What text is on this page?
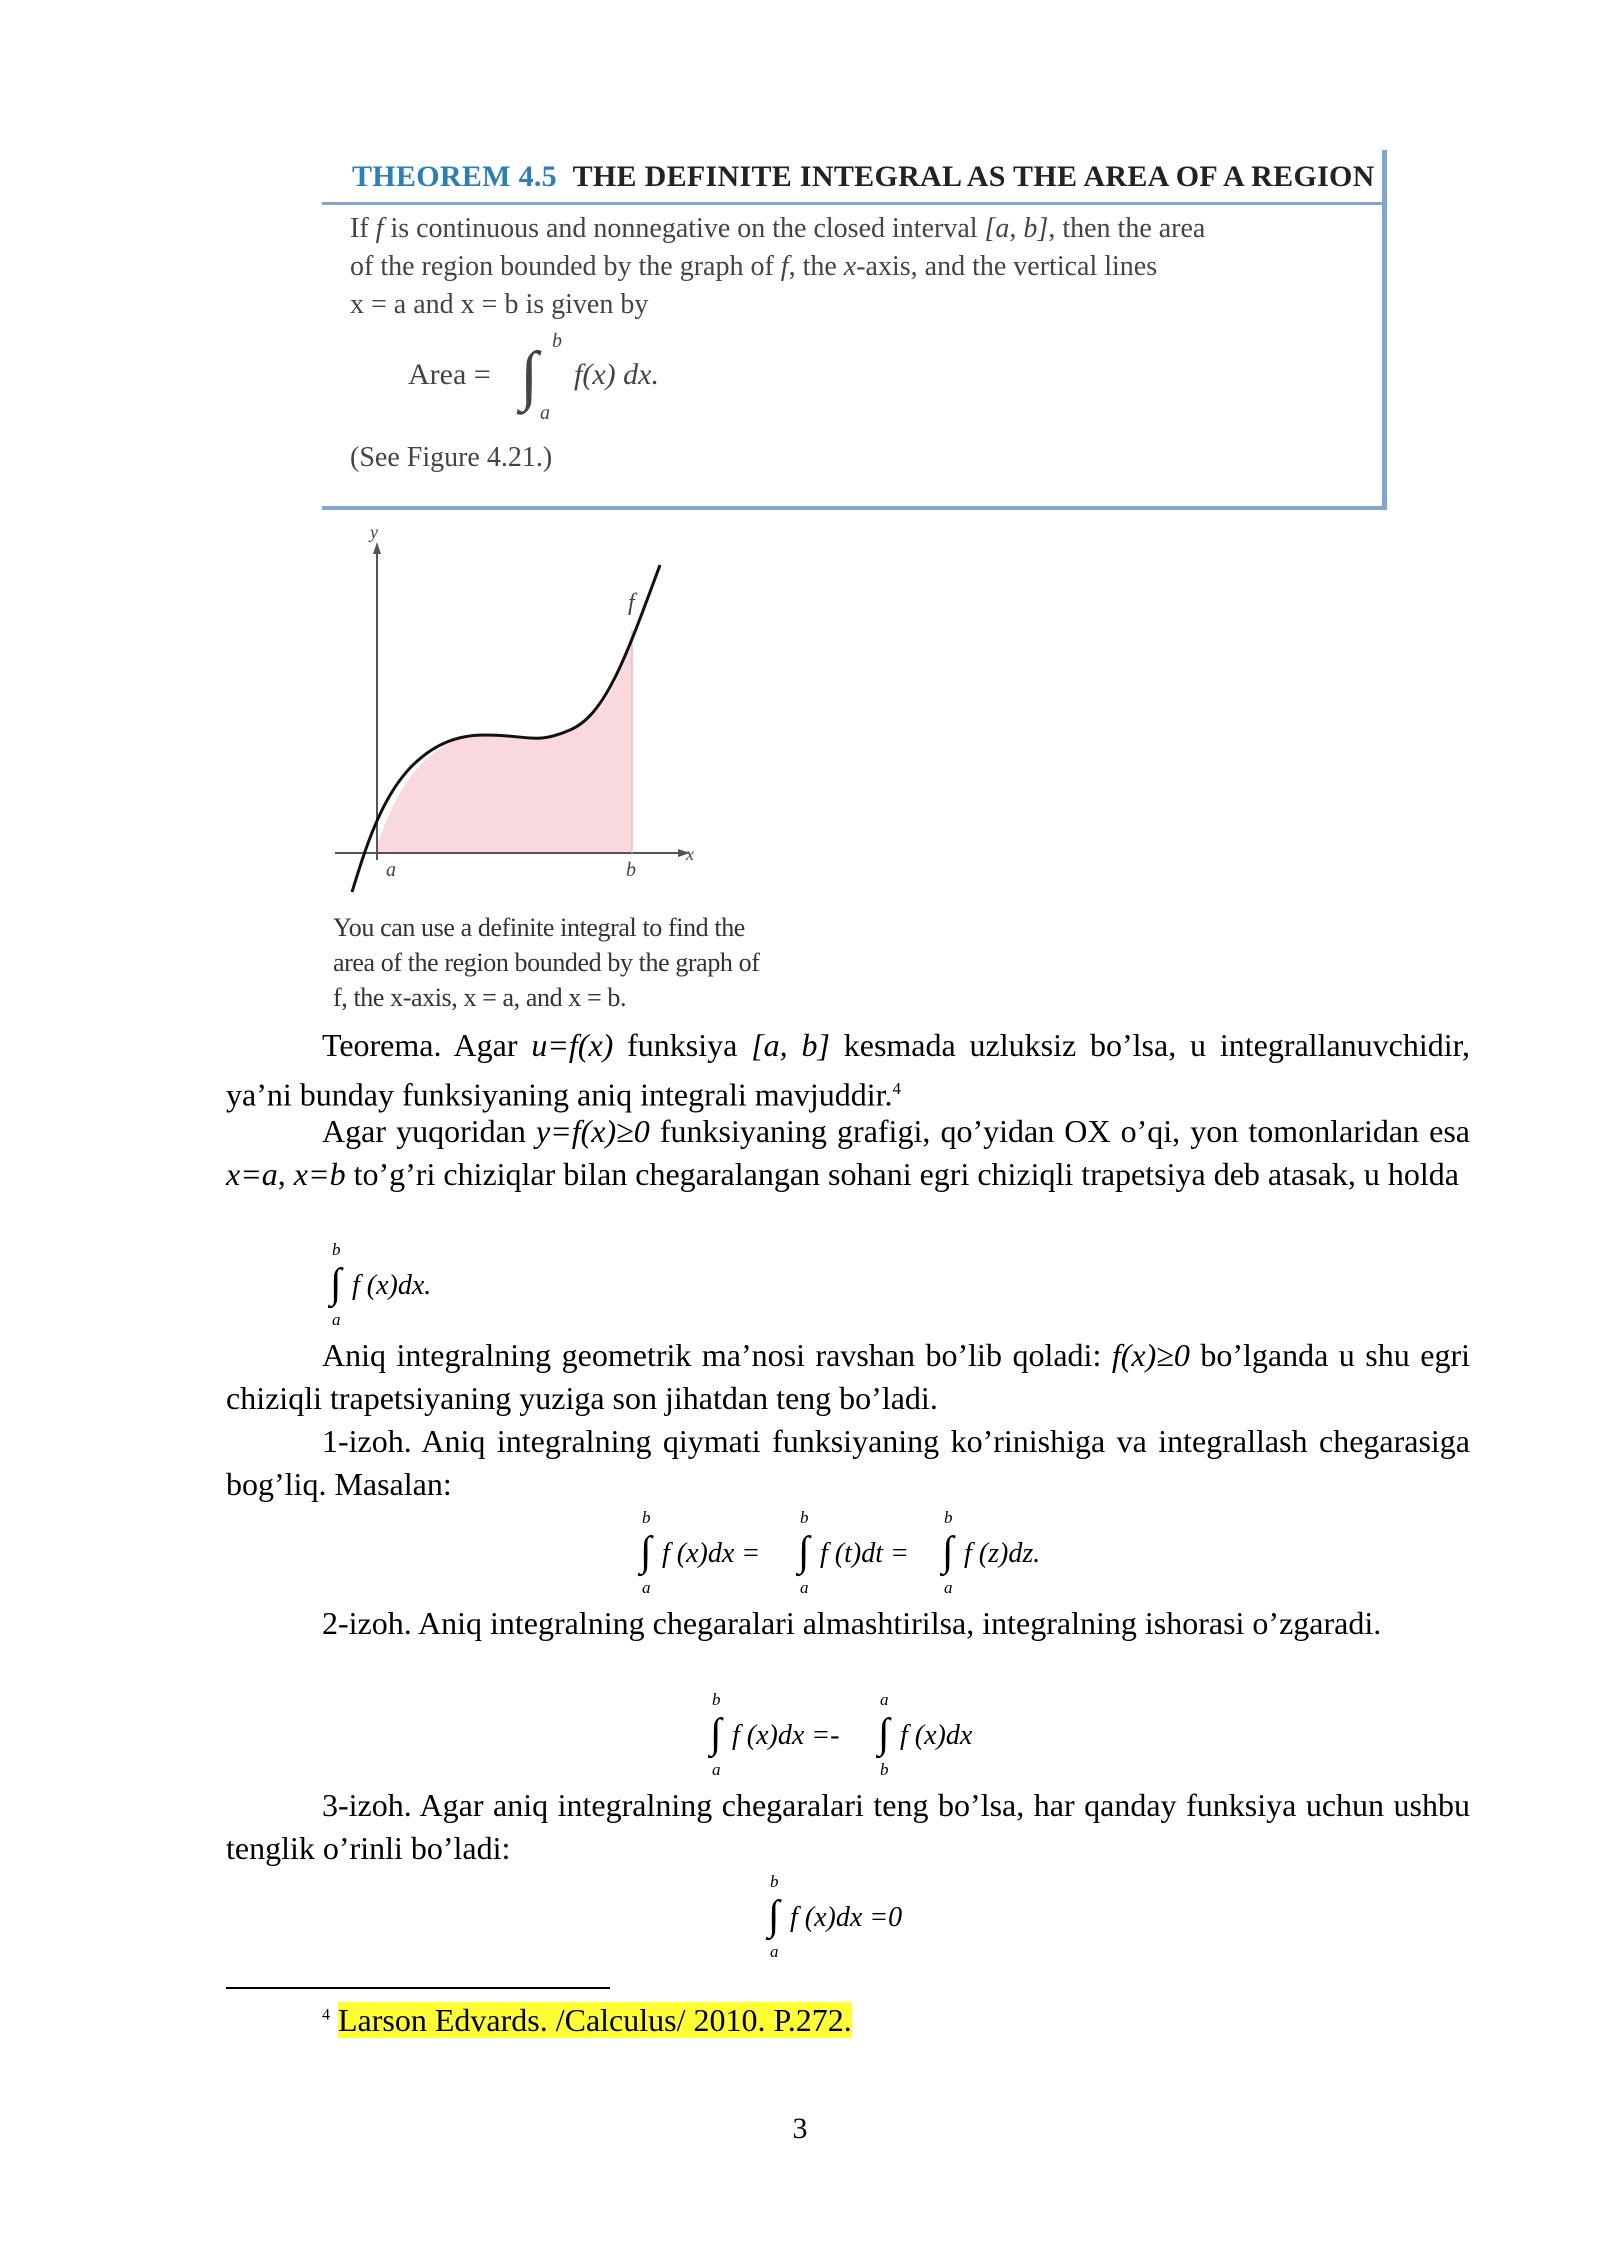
THEOREM 4.5 THE DEFINITE INTEGRAL AS THE AREA OF A REGION
If f is continuous and nonnegative on the closed interval [a, b], then the area
of the region bounded by the graph of f, the x-axis, and the vertical lines
x = a and x = b is given by
Area = ∫ b
a
f(x) dx.
(See Figure 4.21.)
y
x
f
a	b
You can use a definite integral to find the
area of the region bounded by the graph of
f, the x-axis, x = a, and x = b.
Teorema. Agar u=f(x) funksiya [a, b] kesmada uzluksiz bo’lsa, u integrallanuvchidir, ya’ni bunday funksiyaning aniq integrali mavjuddir.$^4$
Agar yuqoridan y=f(x)≥0 funksiyaning grafigi, qo’yidan OX o’qi, yon tomonlaridan esa x=a, x=b to’g’ri chiziqlar bilan chegaralangan sohani egri chiziqli trapetsiya deb atasak, u holda
b
∫ f (x)dx.
a
Aniq integralning geometrik ma’nosi ravshan bo’lib qoladi: f(x)≥0 bo’lganda u shu egri chiziqli trapetsiyaning yuziga son jihatdan teng bo’ladi.
1-izoh. Aniq integralning qiymati funksiyaning ko’rinishiga va integrallash chegarasiga bog’liq. Masalan:
b
∫ f (x)dx =
a
b
∫ f (t)dt =
a
b
∫ f (z)dz.
a
2-izoh. Aniq integralning chegaralari almashtirilsa, integralning ishorasi o’zgaradi.
b
∫ f (x)dx =-
a
a
∫ f (x)dx
b
3-izoh. Agar aniq integralning chegaralari teng bo’lsa, har qanday funksiya uchun ushbu tenglik o’rinli bo’ladi:
b
∫ f (x)dx =0
a
$^4$ Larson Edvards. /Calculus/ 2010. P.272.
3
